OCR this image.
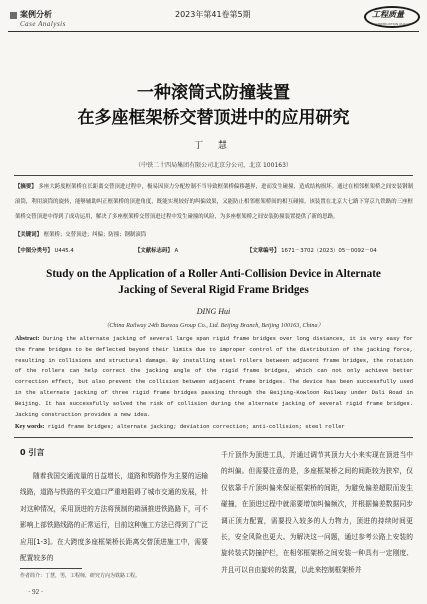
案例分析
Case Analysis
2023年第41卷第5期	工程质量
CONSTRUCTION QUALITY
一种滚筒式防撞装置
在多座框架桥交替顶进中的应用研究
丁 慧
（中铁二十四局集团有限公司北京分公司，北京 100163）
【摘要】 多座大跨度框架桥在长距离交替顶进过程中，极易因顶力分配控制不当导致框架桥偏移越界，进而发生碰撞，造成结构损坏。通过在相邻框架桥之间安装钢制滚筒，利用滚筒的旋转，能够辅助纠正框架桥的顶进角度，既能实现较好的纠偏效果，又能防止相邻框架桥间的相互碰撞。该装置在北京大七路下穿京九铁路的三座框架桥交替顶进中得到了成功运用，解决了多座框架桥交替顶进过程中发生碰撞的风险，为多座框架桥之间安装防撞装置提供了新的思路。
【关键词】 框架桥；交替顶进；纠偏；防撞；钢制滚筒
【中图分类号】 U445.4	【文献标志码】 A	【文章编号】 1671－3702（2023）05－0092－04
Study on the Application of a Roller Anti-Collision Device in Alternate
Jacking of Several Rigid Frame Bridges
DING Hui
（China Railway 24th Bureau Group Co., Ltd. Beijing Branch, Beijing 100163, China）
Abstract: During the alternate jacking of several large span rigid frame bridges over long distances, it is very easy for the frame bridges to be deflected beyond their limits due to improper control of the distribution of the jacking force, resulting in collisions and structural damage. By installing steel rollers between adjacent frame bridges, the rotation of the rollers can help correct the jacking angle of the rigid frame bridges, which can not only achieve better correction effect, but also prevent the collision between adjacent frame bridges. The device has been successfully used in the alternate jacking of three rigid frame bridges passing through the Beijing-Kowloon Railway under Dali Road in Beijing. It has successfully solved the risk of collision during the alternate jacking of several rigid frame bridges. Jacking construction provides a new idea.
Key words: rigid frame bridges; alternate jacking; deviation correction; anti-collision; steel roller
0 引言
随着我国交通流量的日益增长，道路和铁路作为主要的运输线路，道路与铁路的平交道口严重地阻碍了城市交通的发展，针对这种情况，采用顶进的方法将预制的箱涵推进铁路路下，可不影响上部铁路线路的正常运行，目前这种施工方法已得到了广泛应用[1-3]。在大跨度多座框架桥长距离交替顶进施工中，需要配置较多的
千斤顶作为顶进工具，并通过调节其顶力大小来实现在顶进当中的纠偏。但需要注意的是，多座框架桥之间的间距较为狭窄，仅仅依靠千斤顶纠偏来保证框架桥的间距，为避免偏差超限而发生碰撞，在顶进过程中就需要增加纠偏频次，并根据偏差数据同步调正顶力配置，需要投入较多的人力物力，顶进的持续时间更长，安全风险也更大。为解决这一问题，通过参考公路上安装的旋转装式防撞护栏，在相邻框架桥之间安装一种具有一定刚度、并且可以自由旋转的装置，以此来控制框架桥并
作者简介：丁慧，男，工程师，研究方向为铁路工程。
· 92 ·
